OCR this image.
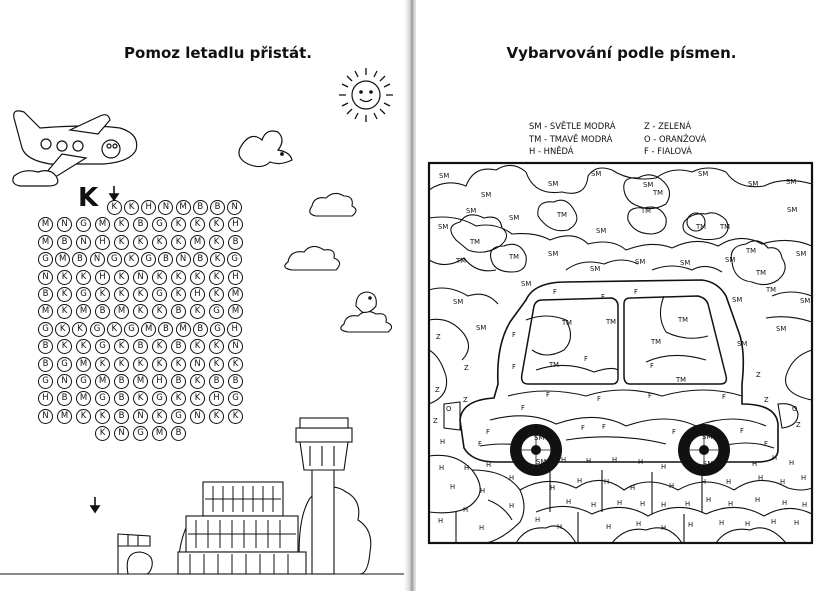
Pomoz letadlu přistát.
K	K	K	H	N	M	B	B	N
M	N	G	M	K	B	G	K	K	K	H
M	B	N	H	K	K	K	K	M	K	B
G	M	B	N	G	K	G	B	N	B	K	G
N	K	K	H	K	N	K	K	K	K	H
B	K	G	K	K	K	G	K	H	K	M
M	K	M	B	M	K	K	B	K	G	M
G	K	K	G	K	G	M	B	M	B	G	H
B	K	K	G	K	B	K	B	K	K	N
B	G	M	K	K	K	K	K	N	K	K
G	N	G	M	B	M	H	B	K	B	B
H	B	M	G	B	K	G	K	K	H	G
N	M	K	K	B	N	K	G	N	K	K
K	N	G	M	B
Vybarvování podle písmen.
SM - SVĚTLE MODRÁ
TM - TMAVĚ MODRÁ
H - HNĚDÁ
Z - ZELENÁ
O - ORANŽOVÁ
F - FIALOVÁ
SM
SM
SM
SM
SM
SM
SM	SM
SM
SM	TM
TM
TM
TM
SM	TM
SM
SM
TM
TM
TM
SM
SM
SM	SM	SM
TM	SM
TM
TM
SM
SM
SM
SM
SM
SM
SM
F
F
F
F
TM	TM	TM
TM
TM
F
F	F
TM
Z
Z
Z
Z
F
F
F	F	F
Z	Z
Z
O	O
Z
F	F	F
F	F
H	SM
SM
SM
SM
F	F
H	H H
H
H	H	H	H
H	H
H
H
H	H	H
H	H
H	H	H	H	H H H
H
H	H
H
H
H	H	H	H H	H H H	H	H H
H	H	H	H	H	H	H	H	H
